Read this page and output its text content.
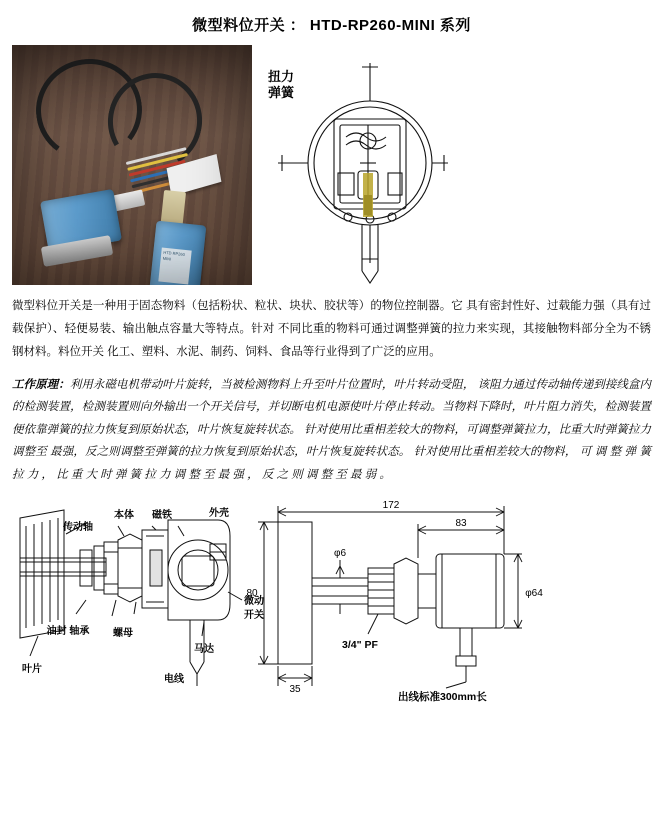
微型料位开关 ： HTD-RP260-MINI 系列
HTD RP260 MINI
扭力
弹簧

微型料位开关是一种用于固态物料（包括粉状、粒状、块状、胶状等）的物位控制器。它 具有密封性好、过载能力强（具有过载保护）、轻便易装、输出触点容量大等特点。针对 不同比重的物料可通过调整弹簧的拉力来实现，其接触物料部分全为不锈钢材料。料位开关 化工、塑料、水泥、制药、饲料、食品等行业得到了广泛的应用。

工作原理：利用永磁电机带动叶片旋转，当被检测物料上升至叶片位置时，叶片转动受阻， 该阻力通过传动轴传递到接线盒内的检测装置，检测装置则向外输出一个开关信号，并切断电机电源使叶片停止转动。当物料下降时，叶片阻力消失，检测装置便依靠弹簧的拉力恢复到原始状态，叶片恢复旋转状态。 针对使用比重相差较大的物料，可调整弹簧拉力，比重大时弹簧拉力调整至 最强，反之则调整至弹簧的拉力恢复到原始状态，叶片恢复旋转状态。 针对使用比重相差较大的物料， 可 调 整 弹 簧 拉 力 ， 比 重 大 时 弹 簧 拉 力 调 整 至 最 强 ， 反 之 则 调 整 至 最 弱 。

本体 磁铁	外壳
传动轴
油封 轴承 螺母
马达
微动
开关
电线
叶片
172
83
80
35
φ6
φ64
3/4" PF
出线标准300mm长
